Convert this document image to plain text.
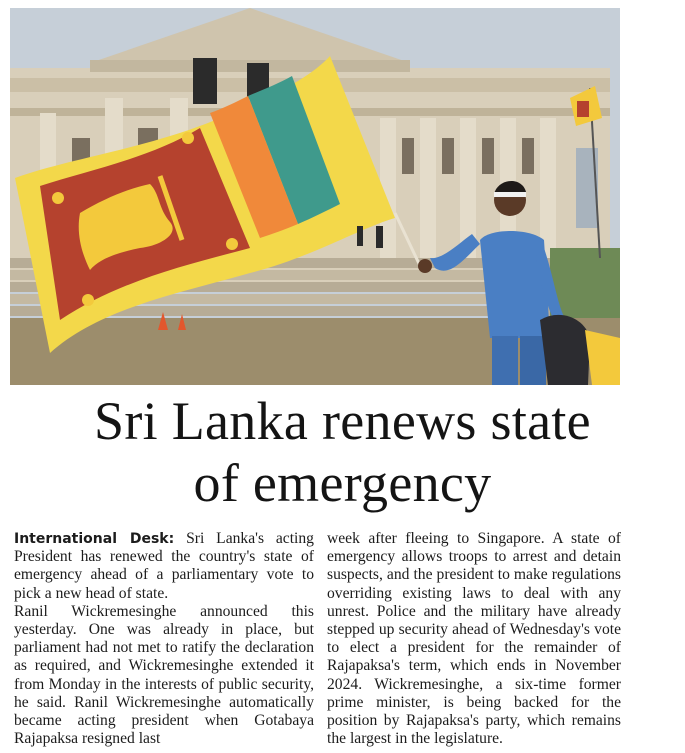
Sri Lanka renews state
of emergency

International Desk: Sri Lanka's acting President has renewed the country's state of emergency ahead of a parliamentary vote to pick a new head of state.

Ranil Wickremesinghe announced this yesterday. One was already in place, but parliament had not met to ratify the declaration as required, and Wickremesinghe extended it from Monday in the interests of public security, he said. Ranil Wickremesinghe automatically became acting president when Gotabaya Rajapaksa resigned last

week after fleeing to Singapore. A state of emergency allows troops to arrest and detain suspects, and the president to make regulations overriding existing laws to deal with any unrest. Police and the military have already stepped up security ahead of Wednesday's vote to elect a president for the remainder of Rajapaksa's term, which ends in November 2024. Wickremesinghe, a six-time former prime minister, is being backed for the position by Rajapaksa's party, which remains the largest in the legislature.
